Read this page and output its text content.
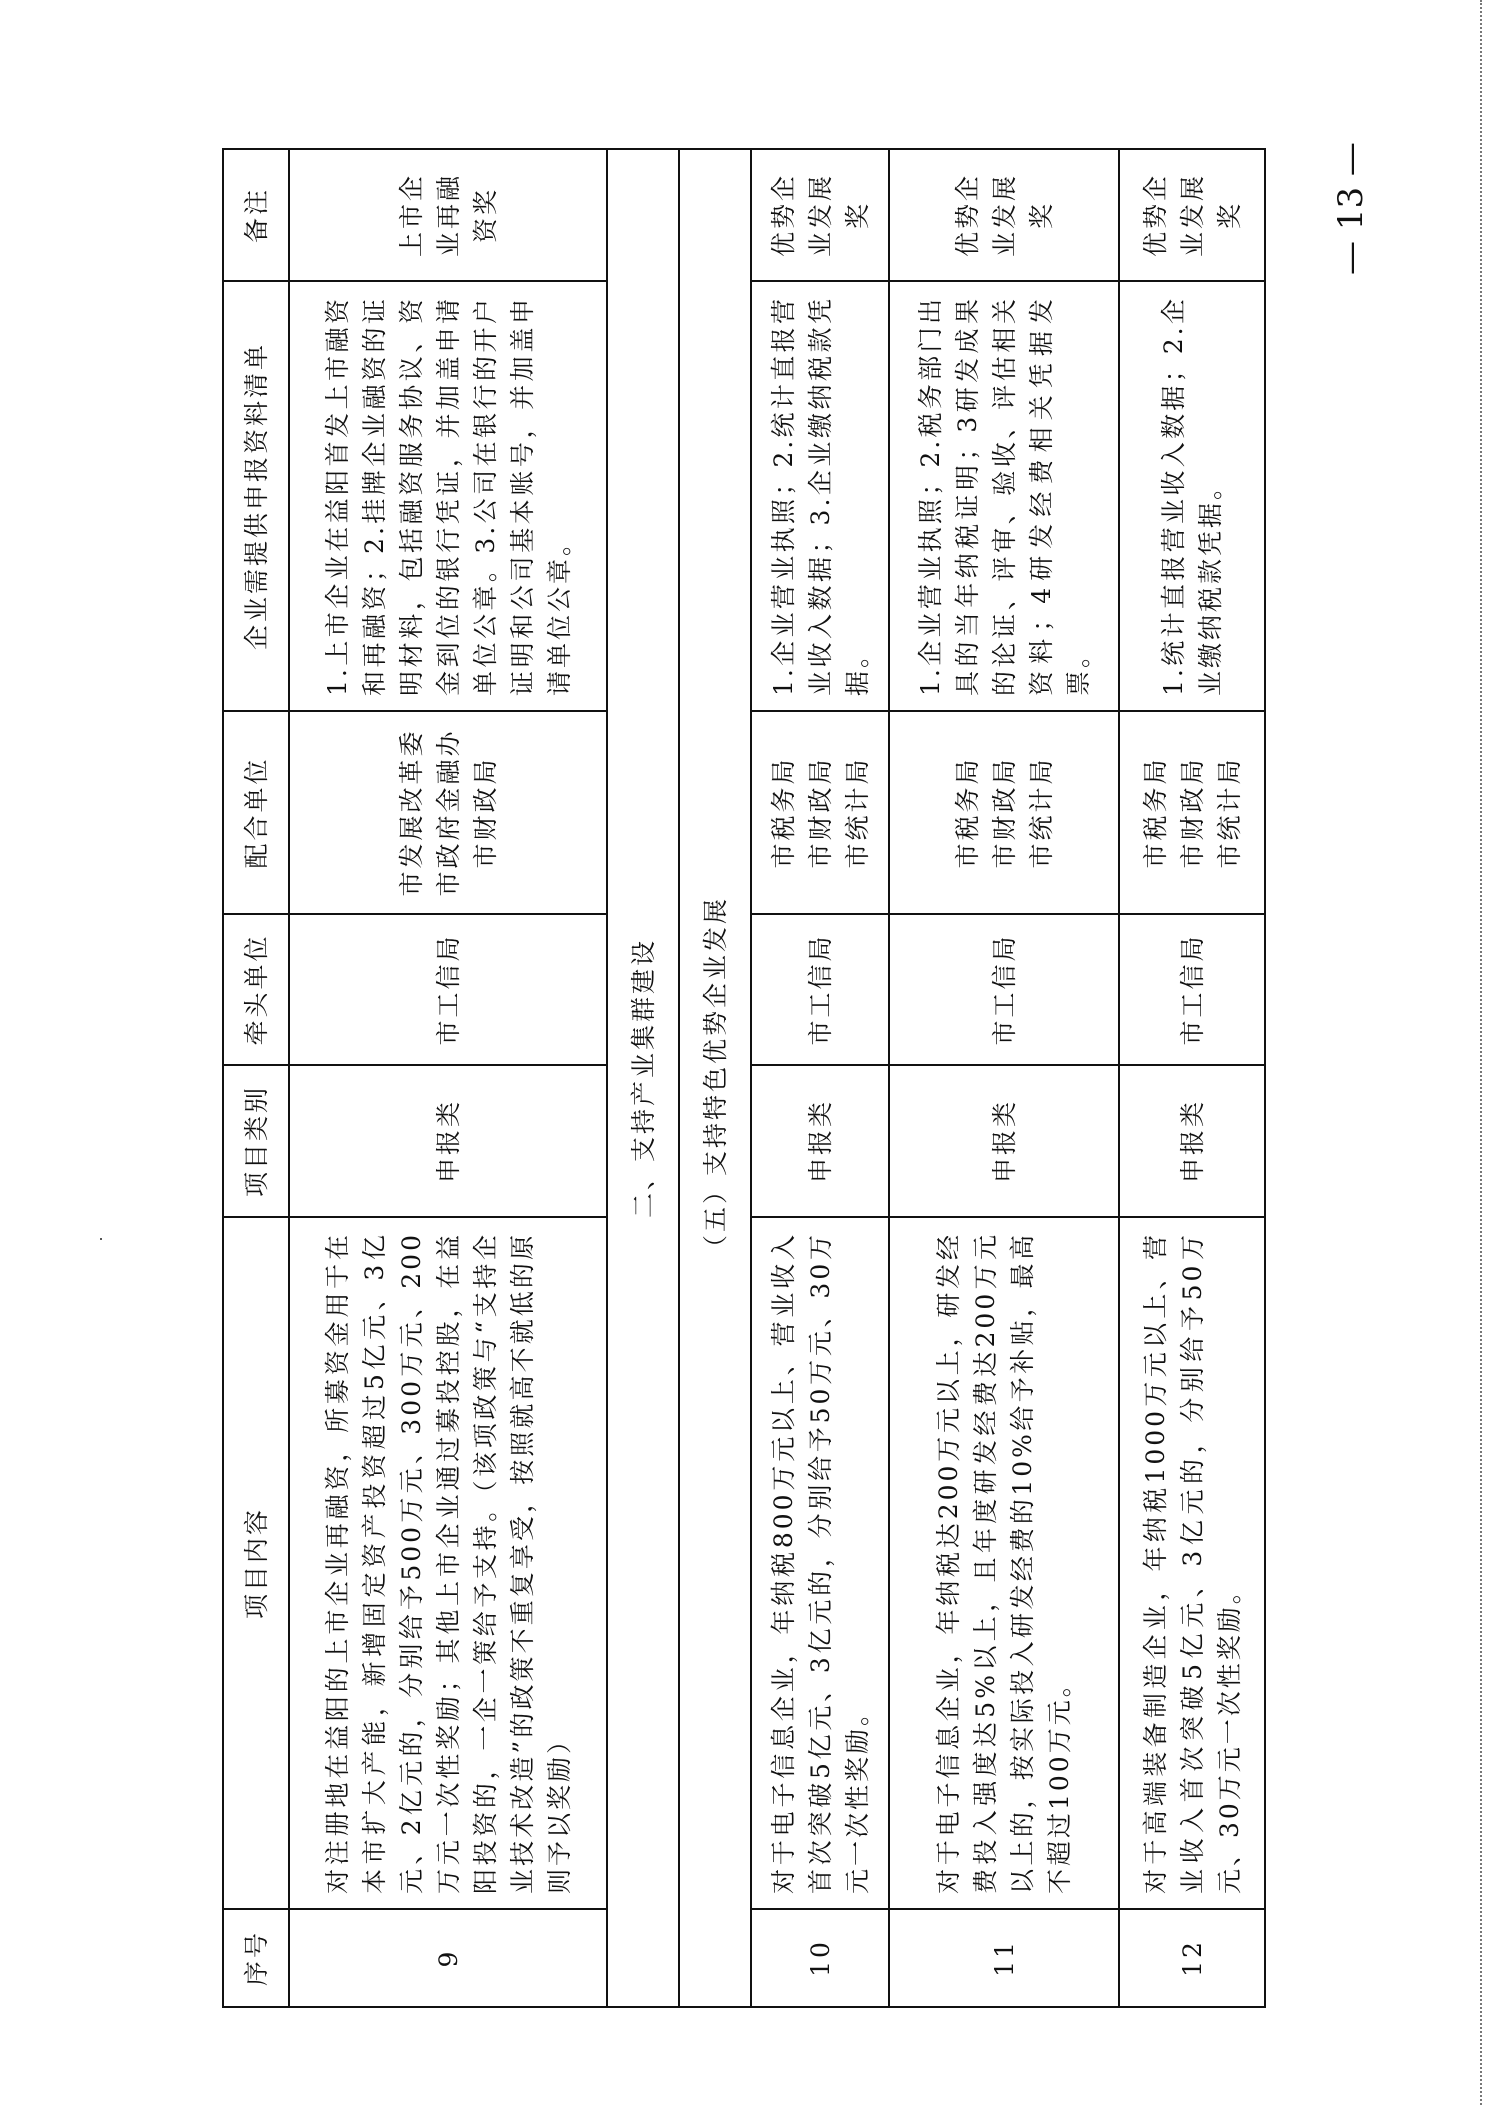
序号	项目内容	项目类别	牵头单位	配合单位	企业需提供申报资料清单	备注
9	对注册地在益阳的上市企业再融资，所募资金用于在本市扩大产能，新增固定资产投资超过5亿元、3亿元、2亿元的，分别给予500万元、300万元、200万元一次性奖励；其他上市企业通过募投控股，在益阳投资的，一企一策给予支持。（该项政策与“支持企业技术改造”的政策不重复享受，按照就高不就低的原则予以奖励）	申报类	市工信局	市发展改革委 市政府金融办 市财政局	1.上市企业在益阳首发上市融资和再融资；2.挂牌企业融资的证明材料，包括融资服务协议、资金到位的银行凭证，并加盖申请单位公章。3.公司在银行的开户证明和公司基本账号，并加盖申请单位公章。	上市企业再融资奖
二、支持产业集群建设						
（五）支持特色优势企业发展						
10	对于电子信息企业，年纳税800万元以上、营业收入首次突破5亿元、3亿元的，分别给予50万元、30万元一次性奖励。	申报类	市工信局	市税务局 市财政局 市统计局	1.企业营业执照；2.统计直报营业收入数据；3.企业缴纳税款凭据。	优势企业发展奖
11	对于电子信息企业，年纳税达200万元以上，研发经费投入强度达5%以上，且年度研发经费达200万元以上的，按实际投入研发经费的10%给予补贴，最高不超过100万元。	申报类	市工信局	市税务局 市财政局 市统计局	1.企业营业执照；2.税务部门出具的当年纳税证明；3研发成果的论证、评审、验收、评估相关资料；4研发经费相关凭据发票。	优势企业发展奖
12	对于高端装备制造企业，年纳税1000万元以上、营业收入首次突破5亿元、3亿元的，分别给予50万元、30万元一次性奖励。	申报类	市工信局	市税务局 市财政局 市统计局	1.统计直报营业收入数据；2.企业缴纳税款凭据。	优势企业发展奖	— 13 —
